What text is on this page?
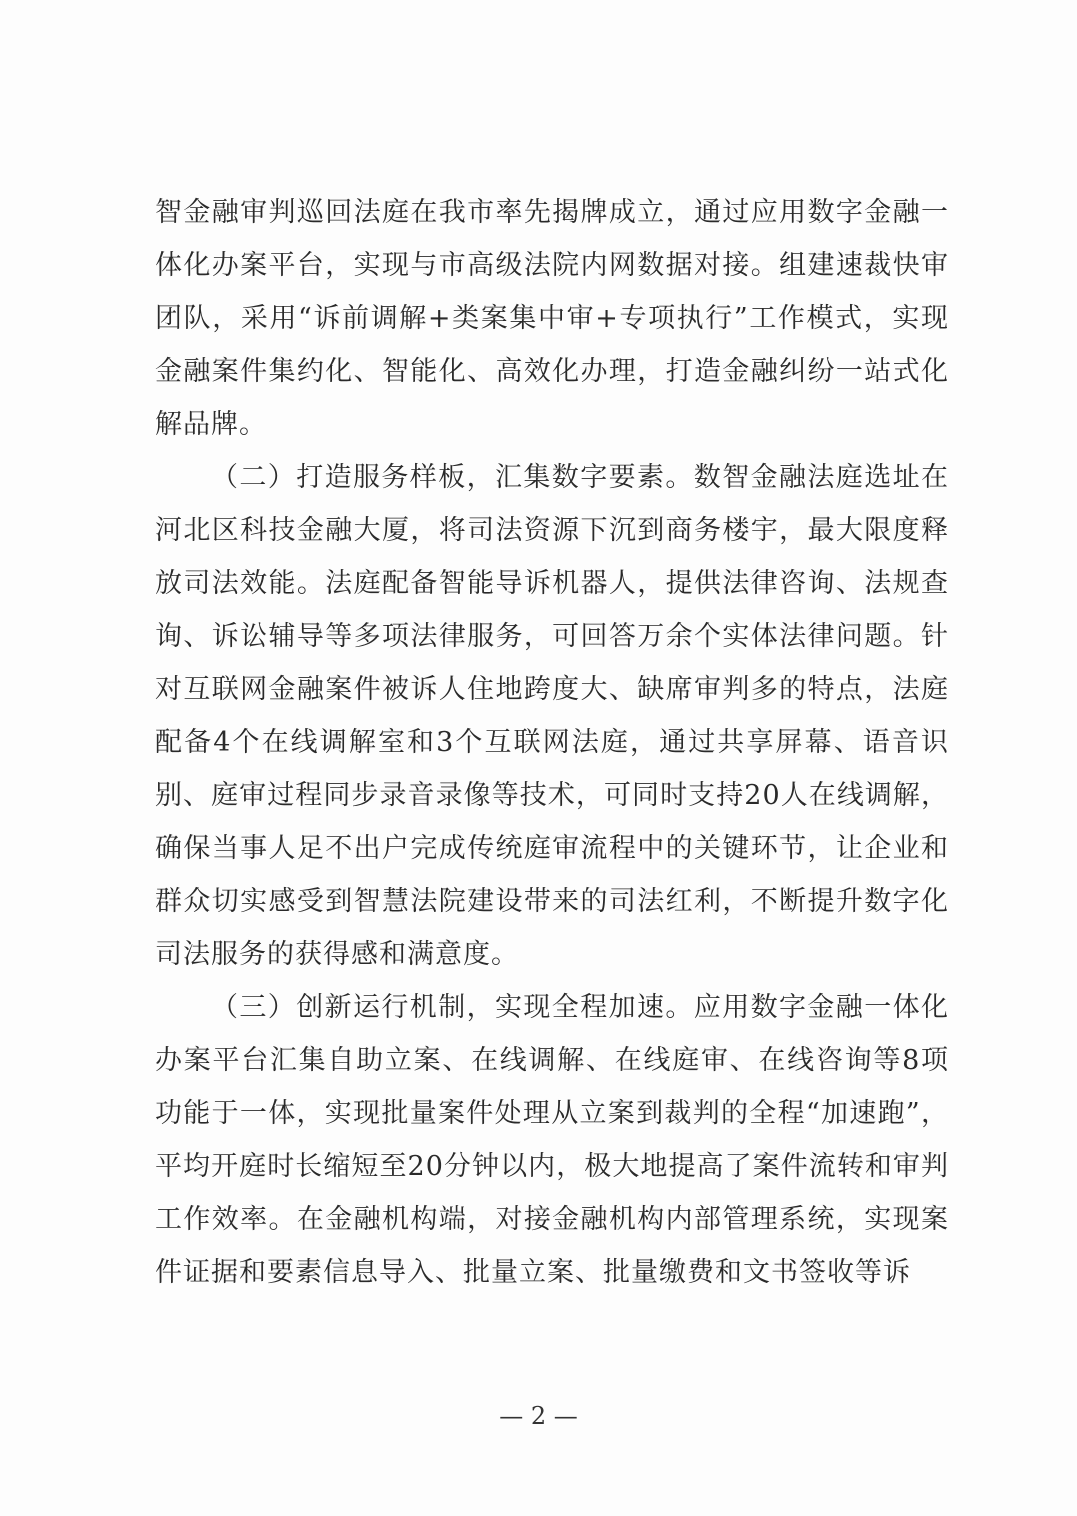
智金融审判巡回法庭在我市率先揭牌成立，通过应用数字金融一体化办案平台，实现与市高级法院内网数据对接。组建速裁快审团队，采用“诉前调解+类案集中审+专项执行”工作模式，实现金融案件集约化、智能化、高效化办理，打造金融纠纷一站式化解品牌。

（二）打造服务样板，汇集数字要素。数智金融法庭选址在河北区科技金融大厦，将司法资源下沉到商务楼宇，最大限度释放司法效能。法庭配备智能导诉机器人，提供法律咨询、法规查询、诉讼辅导等多项法律服务，可回答万余个实体法律问题。针对互联网金融案件被诉人住地跨度大、缺席审判多的特点，法庭配备4个在线调解室和3个互联网法庭，通过共享屏幕、语音识别、庭审过程同步录音录像等技术，可同时支持20人在线调解，确保当事人足不出户完成传统庭审流程中的关键环节，让企业和群众切实感受到智慧法院建设带来的司法红利，不断提升数字化司法服务的获得感和满意度。

（三）创新运行机制，实现全程加速。应用数字金融一体化办案平台汇集自助立案、在线调解、在线庭审、在线咨询等8项功能于一体，实现批量案件处理从立案到裁判的全程“加速跑”，平均开庭时长缩短至20分钟以内，极大地提高了案件流转和审判工作效率。在金融机构端，对接金融机构内部管理系统，实现案件证据和要素信息导入、批量立案、批量缴费和文书签收等诉

— 2 —
